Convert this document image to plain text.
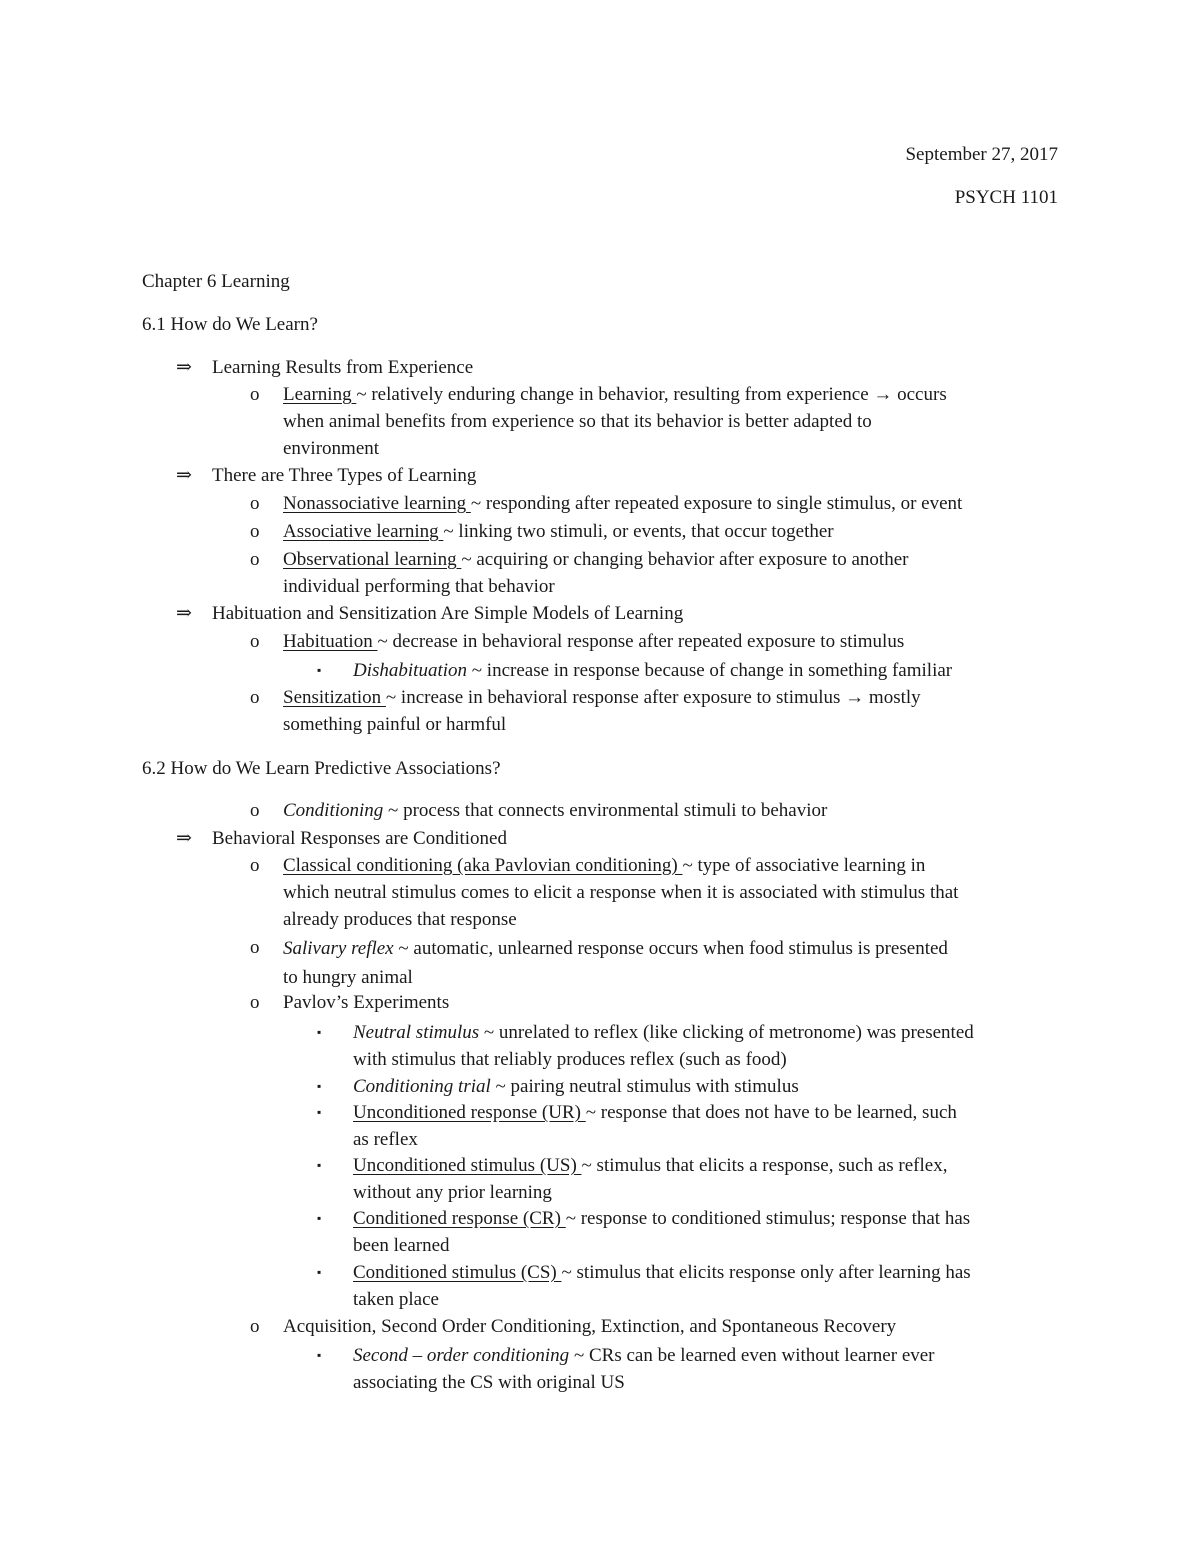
September 27, 2017
PSYCH 1101
Chapter 6 Learning
6.1 How do We Learn?
⇒ Learning Results from Experience
o	Learning ~ relatively enduring change in behavior, resulting from experience → occurs
when animal benefits from experience so that its behavior is better adapted to
environment
⇒ There are Three Types of Learning
o	Nonassociative learning ~ responding after repeated exposure to single stimulus, or event
o	Associative learning ~ linking two stimuli, or events, that occur together
o	Observational learning ~ acquiring or changing behavior after exposure to another
individual performing that behavior
⇒ Habituation and Sensitization Are Simple Models of Learning
o	Habituation ~ decrease in behavioral response after repeated exposure to stimulus
▪	Dishabituation ~ increase in response because of change in something familiar
o	Sensitization ~ increase in behavioral response after exposure to stimulus → mostly
something painful or harmful
6.2 How do We Learn Predictive Associations?
o	Conditioning ~ process that connects environmental stimuli to behavior
⇒ Behavioral Responses are Conditioned
o	Classical conditioning (aka Pavlovian conditioning) ~ type of associative learning in
which neutral stimulus comes to elicit a response when it is associated with stimulus that
already produces that response
o	Salivary reflex ~ automatic, unlearned response occurs when food stimulus is presented
to hungry animal
o	Pavlov’s Experiments
▪	Neutral stimulus ~ unrelated to reflex (like clicking of metronome) was presented
with stimulus that reliably produces reflex (such as food)
▪	Conditioning trial ~ pairing neutral stimulus with stimulus
▪	Unconditioned response (UR) ~ response that does not have to be learned, such
as reflex
▪	Unconditioned stimulus (US) ~ stimulus that elicits a response, such as reflex,
without any prior learning
▪	Conditioned response (CR) ~ response to conditioned stimulus; response that has
been learned
▪	Conditioned stimulus (CS) ~ stimulus that elicits response only after learning has
taken place
o	Acquisition, Second Order Conditioning, Extinction, and Spontaneous Recovery
▪	Second – order conditioning ~ CRs can be learned even without learner ever
associating the CS with original US
